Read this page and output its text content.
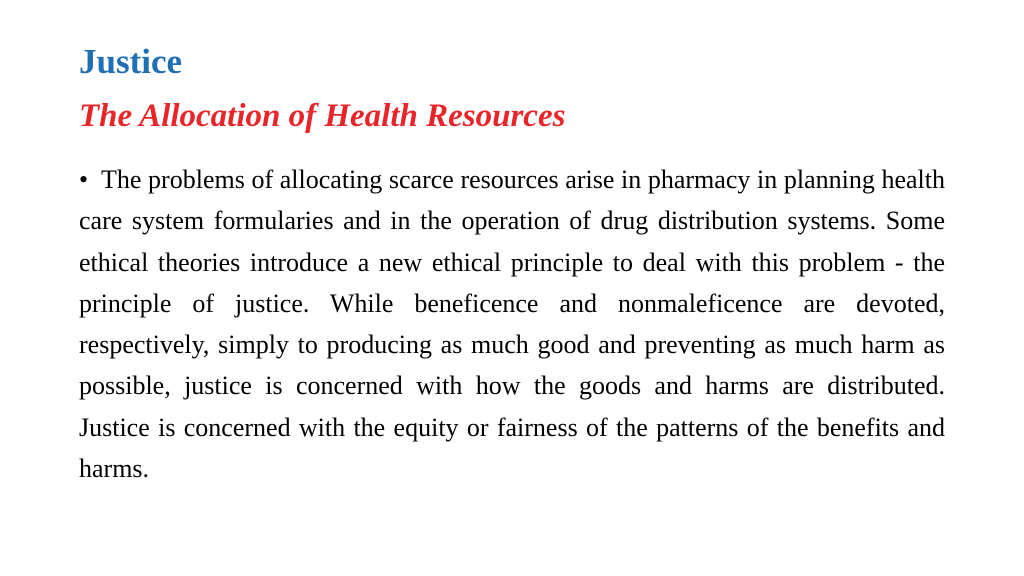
Justice
The Allocation of Health Resources

• The problems of allocating scarce resources arise in pharmacy in planning health care system formularies and in the operation of drug distribution systems. Some ethical theories introduce a new ethical principle to deal with this problem - the principle of justice. While beneficence and nonmaleficence are devoted, respectively, simply to producing as much good and preventing as much harm as possible, justice is concerned with how the goods and harms are distributed. Justice is concerned with the equity or fairness of the patterns of the benefits and harms.
